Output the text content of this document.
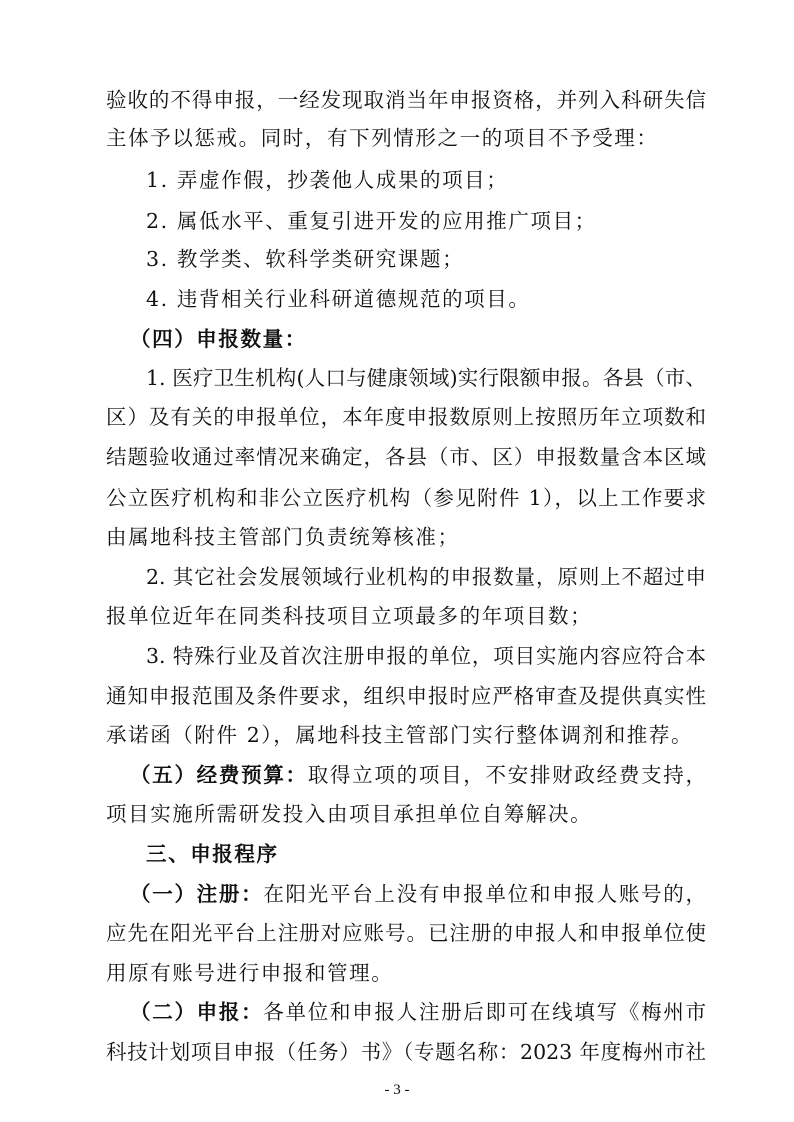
验收的不得申报，一经发现取消当年申报资格，并列入科研失信
主体予以惩戒。同时，有下列情形之一的项目不予受理：
1. 弄虚作假，抄袭他人成果的项目；
2. 属低水平、重复引进开发的应用推广项目；
3. 教学类、软科学类研究课题；
4. 违背相关行业科研道德规范的项目。
（四）申报数量：
1. 医疗卫生机构(人口与健康领域)实行限额申报。各县（市、
区）及有关的申报单位，本年度申报数原则上按照历年立项数和
结题验收通过率情况来确定，各县（市、区）申报数量含本区域
公立医疗机构和非公立医疗机构（参见附件 1），以上工作要求
由属地科技主管部门负责统筹核准；
2. 其它社会发展领域行业机构的申报数量，原则上不超过申
报单位近年在同类科技项目立项最多的年项目数；
3. 特殊行业及首次注册申报的单位，项目实施内容应符合本
通知申报范围及条件要求，组织申报时应严格审查及提供真实性
承诺函（附件 2），属地科技主管部门实行整体调剂和推荐。
（五）经费预算：取得立项的项目，不安排财政经费支持，
项目实施所需研发投入由项目承担单位自筹解决。
三、申报程序
（一）注册：在阳光平台上没有申报单位和申报人账号的，
应先在阳光平台上注册对应账号。已注册的申报人和申报单位使
用原有账号进行申报和管理。
（二）申报：各单位和申报人注册后即可在线填写《梅州市
科技计划项目申报（任务）书》（专题名称：2023 年度梅州市社
- 3 -
